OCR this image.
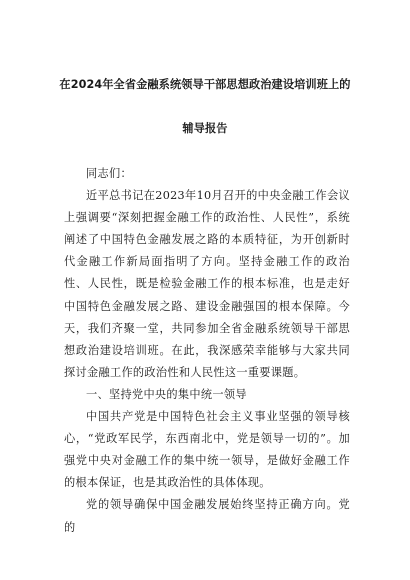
在2024年全省金融系统领导干部思想政治建设培训班上的
辅导报告

同志们：

近平总书记在2023年10月召开的中央金融工作会议上强调要“深刻把握金融工作的政治性、人民性”，系统阐述了中国特色金融发展之路的本质特征，为开创新时代金融工作新局面指明了方向。坚持金融工作的政治性、人民性，既是检验金融工作的根本标准，也是走好中国特色金融发展之路、建设金融强国的根本保障。今天，我们齐聚一堂，共同参加全省金融系统领导干部思想政治建设培训班。在此，我深感荣幸能够与大家共同探讨金融工作的政治性和人民性这一重要课题。

一、坚持党中央的集中统一领导

中国共产党是中国特色社会主义事业坚强的领导核心，“党政军民学，东西南北中，党是领导一切的”。加强党中央对金融工作的集中统一领导，是做好金融工作的根本保证，也是其政治性的具体体现。

党的领导确保中国金融发展始终坚持正确方向。党的
